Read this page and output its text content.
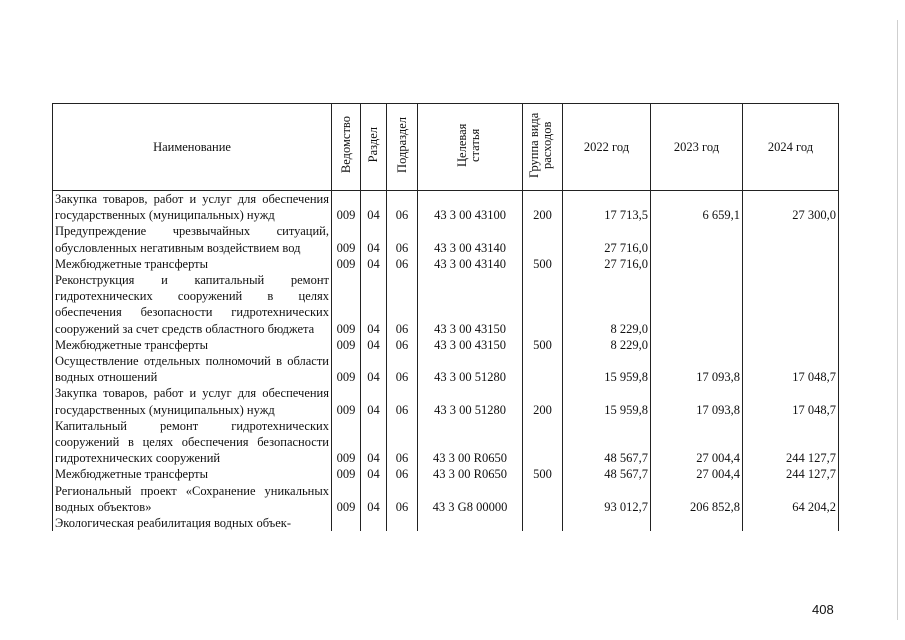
Наименование	Ведомство	Раздел	Подраздел	Целевая статья	Группа вида расходов	2022 год	2023 год	2024 год
Закупка товаров, работ и услуг для обеспечения государственных (муниципальных) нужд	009	04	06	43 3 00 43100	200	17 713,5	6 659,1	27 300,0
Предупреждение чрезвычайных ситуаций, обусловленных негативным воздействием вод	009	04	06	43 3 00 43140		27 716,0		
Межбюджетные трансферты	009	04	06	43 3 00 43140	500	27 716,0		
Реконструкция и капитальный ремонт гидротехнических сооружений в целях обеспечения безопасности гидротехнических сооружений за счет средств областного бюджета	009	04	06	43 3 00 43150		8 229,0		
Межбюджетные трансферты	009	04	06	43 3 00 43150	500	8 229,0		
Осуществление отдельных полномочий в области водных отношений	009	04	06	43 3 00 51280		15 959,8	17 093,8	17 048,7
Закупка товаров, работ и услуг для обеспечения государственных (муниципальных) нужд	009	04	06	43 3 00 51280	200	15 959,8	17 093,8	17 048,7
Капитальный ремонт гидротехнических сооружений в целях обеспечения безопасности гидротехнических сооружений	009	04	06	43 3 00 R0650		48 567,7	27 004,4	244 127,7
Межбюджетные трансферты	009	04	06	43 3 00 R0650	500	48 567,7	27 004,4	244 127,7
Региональный проект «Сохранение уникальных водных объектов»	009	04	06	43 3 G8 00000		93 012,7	206 852,8	64 204,2
Экологическая реабилитация водных объек-								
408
